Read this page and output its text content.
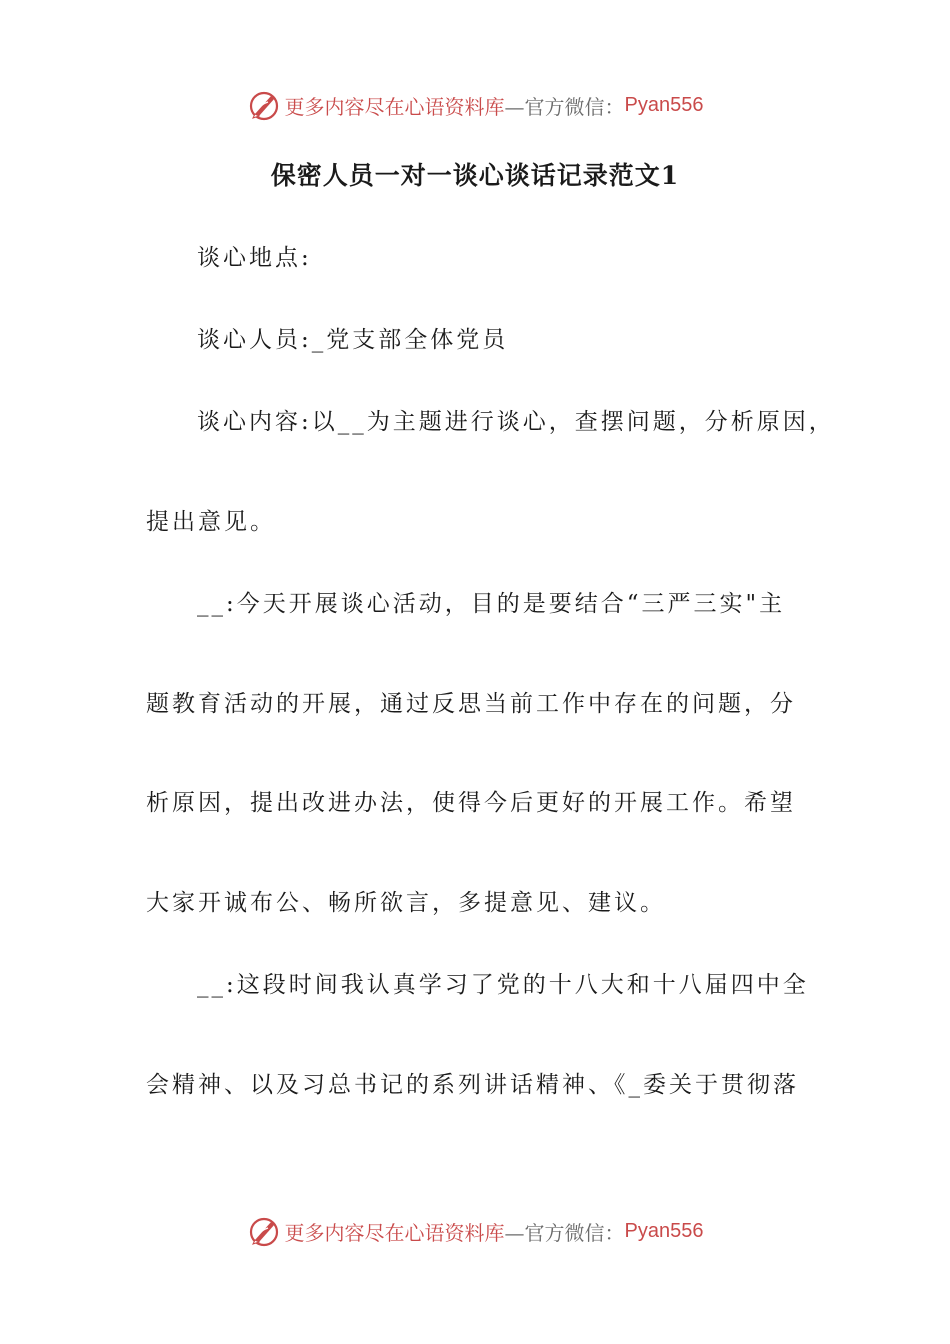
更多内容尽在心语资料库 —官方微信： Pyan556
保密人员一对一谈心谈话记录范文1
谈心地点:
谈心人员:_党支部全体党员
谈心内容:以__为主题进行谈心，查摆问题，分析原因，
提出意见。
__:今天开展谈心活动，目的是要结合“三严三实"主
题教育活动的开展，通过反思当前工作中存在的问题，分
析原因，提出改进办法，使得今后更好的开展工作。希望
大家开诚布公、畅所欲言，多提意见、建议。
__:这段时间我认真学习了党的十八大和十八届四中全
会精神、以及习总书记的系列讲话精神、《_委关于贯彻落
更多内容尽在心语资料库 —官方微信： Pyan556
